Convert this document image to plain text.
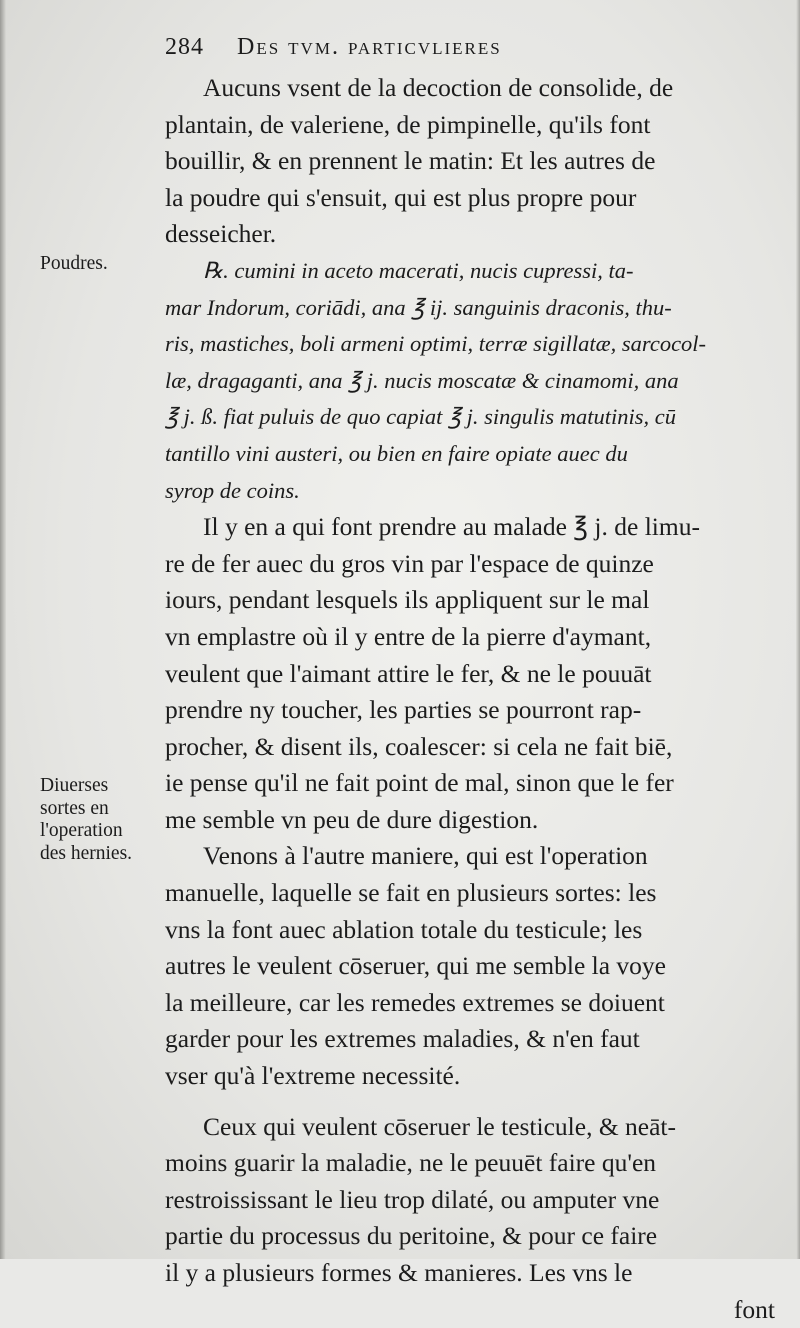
284 Des tvm. particvlieres
Poudres.
Diuerses
sortes en
l'operation
des hernies.
Aucuns vsent de la decoction de consolide, de
plantain, de valeriene, de pimpinelle, qu'ils font
bouillir, & en prennent le matin: Et les autres de
la poudre qui s'ensuit, qui est plus propre pour
desseicher.
℞. cumini in aceto macerati, nucis cupressi, ta-
mar Indorum, coriādi, ana ℥ ij. sanguinis draconis, thu-
ris, mastiches, boli armeni optimi, terræ sigillatæ, sarcocol-
læ, dragaganti, ana ℥ j. nucis moscatæ & cinamomi, ana
℥ j. ß. fiat puluis de quo capiat ℥ j. singulis matutinis, cū
tantillo vini austeri, ou bien en faire opiate auec du
syrop de coins.
Il y en a qui font prendre au malade ℥ j. de limu-
re de fer auec du gros vin par l'espace de quinze
iours, pendant lesquels ils appliquent sur le mal
vn emplastre où il y entre de la pierre d'aymant,
veulent que l'aimant attire le fer, & ne le pouuāt
prendre ny toucher, les parties se pourront rap-
procher, & disent ils, coalescer: si cela ne fait biē,
ie pense qu'il ne fait point de mal, sinon que le fer
me semble vn peu de dure digestion.
Venons à l'autre maniere, qui est l'operation
manuelle, laquelle se fait en plusieurs sortes: les
vns la font auec ablation totale du testicule; les
autres le veulent cōseruer, qui me semble la voye
la meilleure, car les remedes extremes se doiuent
garder pour les extremes maladies, & n'en faut
vser qu'à l'extreme necessité.
Ceux qui veulent cōseruer le testicule, & neāt-
moins guarir la maladie, ne le peuuēt faire qu'en
restroississant le lieu trop dilaté, ou amputer vne
partie du processus du peritoine, & pour ce faire
il y a plusieurs formes & manieres. Les vns le
font
